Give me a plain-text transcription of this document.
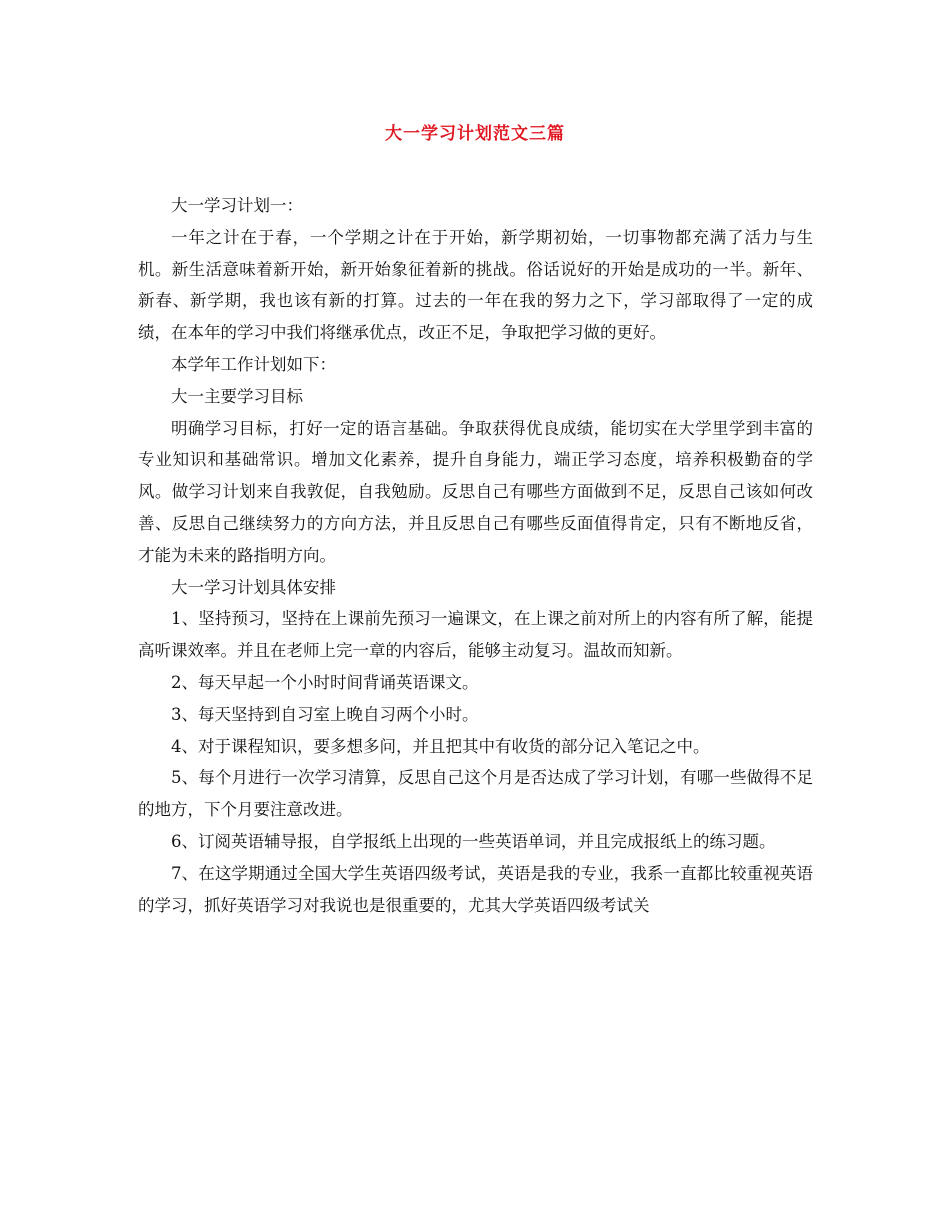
大一学习计划范文三篇

大一学习计划一：

一年之计在于春，一个学期之计在于开始，新学期初始，一切事物都充满了活力与生机。新生活意味着新开始，新开始象征着新的挑战。俗话说好的开始是成功的一半。新年、新春、新学期，我也该有新的打算。过去的一年在我的努力之下，学习部取得了一定的成绩，在本年的学习中我们将继承优点，改正不足，争取把学习做的更好。

本学年工作计划如下：

大一主要学习目标

明确学习目标，打好一定的语言基础。争取获得优良成绩，能切实在大学里学到丰富的专业知识和基础常识。增加文化素养，提升自身能力，端正学习态度，培养积极勤奋的学风。做学习计划来自我敦促，自我勉励。反思自己有哪些方面做到不足，反思自己该如何改善、反思自己继续努力的方向方法，并且反思自己有哪些反面值得肯定，只有不断地反省，才能为未来的路指明方向。

大一学习计划具体安排

1、坚持预习，坚持在上课前先预习一遍课文，在上课之前对所上的内容有所了解，能提高听课效率。并且在老师上完一章的内容后，能够主动复习。温故而知新。

2、每天早起一个小时时间背诵英语课文。

3、每天坚持到自习室上晚自习两个小时。

4、对于课程知识，要多想多问，并且把其中有收货的部分记入笔记之中。

5、每个月进行一次学习清算，反思自己这个月是否达成了学习计划，有哪一些做得不足的地方，下个月要注意改进。

6、订阅英语辅导报，自学报纸上出现的一些英语单词，并且完成报纸上的练习题。

7、在这学期通过全国大学生英语四级考试，英语是我的专业，我系一直都比较重视英语的学习，抓好英语学习对我说也是很重要的，尤其大学英语四级考试关
